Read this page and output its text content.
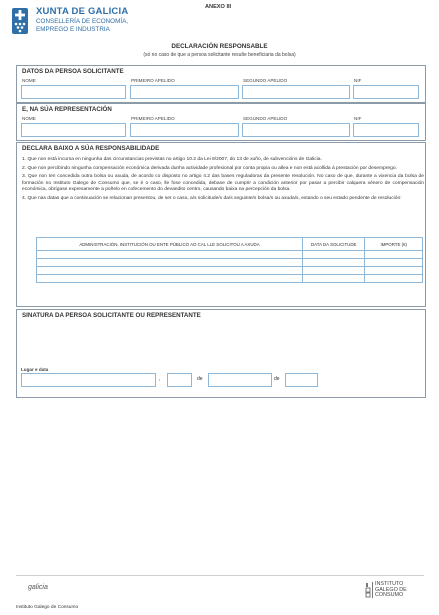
XUNTA DE GALICIA
CONSELLERÍA DE ECONOMÍA,
EMPREGO E INDUSTRIA
ANEXO III
DECLARACIÓN RESPONSABLE
(só no caso de que a persoa solicitante resulte beneficiaria da bolsa)
DATOS DA PERSOA SOLICITANTE
NOME	PRIMEIRO APELIDO	SEGUNDO APELIDO	NIF
E, NA SÚA REPRESENTACIÓN
NOME	PRIMEIRO APELIDO	SEGUNDO APELIDO	NIF
DECLARA BAIXO A SÚA RESPONSABILIDADE
1. Que non está incursa en ningunha das circunstancias previstas no artigo 10.2 da Lei 9/2007, do 13 de xuño, de subvencións de Galicia.
2. Que non percibindo ningunha compensación económica derivada dunha actividade profesional por conta propia ou allea e non está acollida á prestación por desemprego.
3. Que non ten concedida outra bolsa ou axuda, de acordo co disposto no artigo 4.2 das bases reguladoras da presente resolución. No caso de que, durante a vixencia da bolsa de formación no Instituto Galego de Consumo que, se é o caso, lle fose concedida, debase de cumprir a condición anterior por pasar a percibir calquera xénero de compensación económica, obrígase expresamente a poñelo en cofecemento do devandito centro, causando baixa na percepción da bolsa.
4. Que nas datas que a continuación se relacionan presentou, de ser o caso, a/s solicitude/s da/s seguinte/s bolsa/s ou axuda/s, estando o seu estado pendente de resolución:
ADMINISTRACIÓN, INSTITUCIÓN OU ENTE PÚBLICO AO CAL LLE SOLICITOU A AXUDA	DATA DA SOLICITUDE	IMPORTE (€)

SINATURA DA PERSOA SOLICITANTE OU REPRESENTANTE
Lugar e data
,	de	de
galicia	INSTITUTO
GALEGO DE
CONSUMO
Instituto Galego de Consumo
